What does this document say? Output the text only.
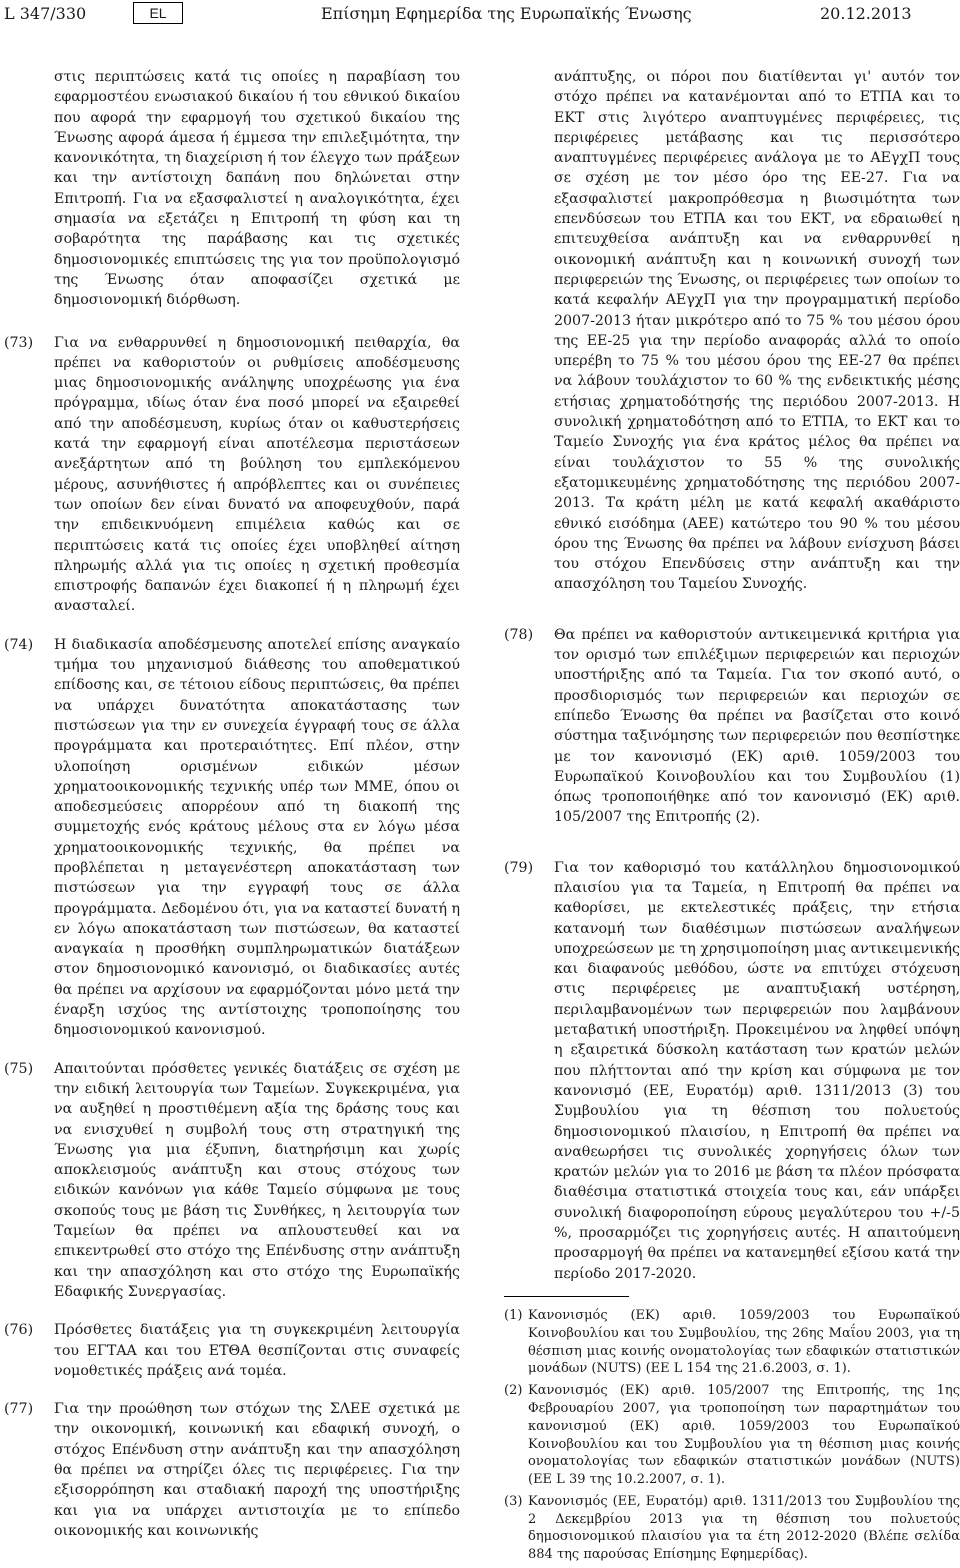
L 347/330	EL	Επίσημη Εφημερίδα της Ευρωπαϊκής Ένωσης	20.12.2013

στις περιπτώσεις κατά τις οποίες η παραβίαση του εφαρμοστέου ενωσιακού δικαίου ή του εθνικού δικαίου που αφορά την εφαρμογή του σχετικού δικαίου της Ένωσης αφορά άμεσα ή έμμεσα την επιλεξιμότητα, την κανονικότητα, τη διαχείριση ή τον έλεγχο των πράξεων και την αντίστοιχη δαπάνη που δηλώνεται στην Επιτροπή. Για να εξασφαλιστεί η αναλογικότητα, έχει σημασία να εξετάζει η Επιτροπή τη φύση και τη σοβαρότητα της παράβασης και τις σχετικές δημοσιονομικές επιπτώσεις της για τον προϋπολογισμό της Ένωσης όταν αποφασίζει σχετικά με δημοσιονομική διόρθωση.

(73) Για να ενθαρρυνθεί η δημοσιονομική πειθαρχία, θα πρέπει να καθοριστούν οι ρυθμίσεις αποδέσμευσης μιας δημοσιονομικής ανάληψης υποχρέωσης για ένα πρόγραμμα, ιδίως όταν ένα ποσό μπορεί να εξαιρεθεί από την αποδέσμευση, κυρίως όταν οι καθυστερήσεις κατά την εφαρμογή είναι αποτέλεσμα περιστάσεων ανεξάρτητων από τη βούληση του εμπλεκόμενου μέρους, ασυνήθιστες ή απρόβλεπτες και οι συνέπειες των οποίων δεν είναι δυνατό να αποφευχθούν, παρά την επιδεικνυόμενη επιμέλεια καθώς και σε περιπτώσεις κατά τις οποίες έχει υποβληθεί αίτηση πληρωμής αλλά για τις οποίες η σχετική προθεσμία επιστροφής δαπανών έχει διακοπεί ή η πληρωμή έχει ανασταλεί.
(74) Η διαδικασία αποδέσμευσης αποτελεί επίσης αναγκαίο τμήμα του μηχανισμού διάθεσης του αποθεματικού επίδοσης και, σε τέτοιου είδους περιπτώσεις, θα πρέπει να υπάρχει δυνατότητα αποκατάστασης των πιστώσεων για την εν συνεχεία έγγραφή τους σε άλλα προγράμματα και προτεραιότητες. Επί πλέον, στην υλοποίηση ορισμένων ειδικών μέσων χρηματοοικονομικής τεχνικής υπέρ των ΜΜΕ, όπου οι αποδεσμεύσεις απορρέουν από τη διακοπή της συμμετοχής ενός κράτους μέλους στα εν λόγω μέσα χρηματοοικονομικής τεχνικής, θα πρέπει να προβλέπεται η μεταγενέστερη αποκατάσταση των πιστώσεων για την εγγραφή τους σε άλλα προγράμματα. Δεδομένου ότι, για να καταστεί δυνατή η εν λόγω αποκατάσταση των πιστώσεων, θα καταστεί αναγκαία η προσθήκη συμπληρωματικών διατάξεων στον δημοσιονομικό κανονισμό, οι διαδικασίες αυτές θα πρέπει να αρχίσουν να εφαρμόζονται μόνο μετά την έναρξη ισχύος της αντίστοιχης τροποποίησης του δημοσιονομικού κανονισμού.
(75) Απαιτούνται πρόσθετες γενικές διατάξεις σε σχέση με την ειδική λειτουργία των Ταμείων. Συγκεκριμένα, για να αυξηθεί η προστιθέμενη αξία της δράσης τους και να ενισχυθεί η συμβολή τους στη στρατηγική της Ένωσης για μια έξυπνη, διατηρήσιμη και χωρίς αποκλεισμούς ανάπτυξη και στους στόχους των ειδικών κανόνων για κάθε Ταμείο σύμφωνα με τους σκοπούς τους με βάση τις Συνθήκες, η λειτουργία των Ταμείων θα πρέπει να απλουστευθεί και να επικεντρωθεί στο στόχο της Επένδυσης στην ανάπτυξη και την απασχόληση και στο στόχο της Ευρωπαϊκής Εδαφικής Συνεργασίας.
(76) Πρόσθετες διατάξεις για τη συγκεκριμένη λειτουργία του ΕΓΤΑΑ και του ΕΤΘΑ θεσπίζονται στις συναφείς νομοθετικές πράξεις ανά τομέα.
(77) Για την προώθηση των στόχων της ΣΛΕΕ σχετικά με την οικονομική, κοινωνική και εδαφική συνοχή, ο στόχος Επένδυση στην ανάπτυξη και την απασχόληση θα πρέπει να στηρίζει όλες τις περιφέρειες. Για την εξισορρόπηση και σταδιακή παροχή της υποστήριξης και για να υπάρχει αντιστοιχία με το επίπεδο οικονομικής και κοινωνικής

ανάπτυξης, οι πόροι που διατίθενται γι' αυτόν τον στόχο πρέπει να κατανέμονται από το ΕΤΠΑ και το ΕΚΤ στις λιγότερο αναπτυγμένες περιφέρειες, τις περιφέρειες μετάβασης και τις περισσότερο αναπτυγμένες περιφέρειες ανάλογα με το ΑΕγχΠ τους σε σχέση με τον μέσο όρο της ΕΕ-27. Για να εξασφαλιστεί μακροπρόθεσμα η βιωσιμότητα των επενδύσεων του ΕΤΠΑ και του ΕΚΤ, να εδραιωθεί η επιτευχθείσα ανάπτυξη και να ενθαρρυνθεί η οικονομική ανάπτυξη και η κοινωνική συνοχή των περιφερειών της Ένωσης, οι περιφέρειες των οποίων το κατά κεφαλήν ΑΕγχΠ για την προγραμματική περίοδο 2007-2013 ήταν μικρότερο από το 75 % του μέσου όρου της ΕΕ-25 για την περίοδο αναφοράς αλλά το οποίο υπερέβη το 75 % του μέσου όρου της ΕΕ-27 θα πρέπει να λάβουν τουλάχιστον το 60 % της ενδεικτικής μέσης ετήσιας χρηματοδότησής της περιόδου 2007-2013. Η συνολική χρηματοδότηση από το ΕΤΠΑ, το ΕΚΤ και το Ταμείο Συνοχής για ένα κράτος μέλος θα πρέπει να είναι τουλάχιστον το 55 % της συνολικής εξατομικευμένης χρηματοδότησης της περιόδου 2007-2013. Τα κράτη μέλη με κατά κεφαλή ακαθάριστο εθνικό εισόδημα (ΑΕΕ) κατώτερο του 90 % του μέσου όρου της Ένωσης θα πρέπει να λάβουν ενίσχυση βάσει του στόχου Επενδύσεις στην ανάπτυξη και την απασχόληση του Ταμείου Συνοχής.

(78) Θα πρέπει να καθοριστούν αντικειμενικά κριτήρια για τον ορισμό των επιλέξιμων περιφερειών και περιοχών υποστήριξης από τα Ταμεία. Για τον σκοπό αυτό, ο προσδιορισμός των περιφερειών και περιοχών σε επίπεδο Ένωσης θα πρέπει να βασίζεται στο κοινό σύστημα ταξινόμησης των περιφερειών που θεσπίστηκε με τον κανονισμό (ΕΚ) αριθ. 1059/2003 του Ευρωπαϊκού Κοινοβουλίου και του Συμβουλίου (1) όπως τροποποιήθηκε από τον κανονισμό (ΕΚ) αριθ. 105/2007 της Επιτροπής (2).
(79) Για τον καθορισμό του κατάλληλου δημοσιονομικού πλαισίου για τα Ταμεία, η Επιτροπή θα πρέπει να καθορίσει, με εκτελεστικές πράξεις, την ετήσια κατανομή των διαθέσιμων πιστώσεων αναλήψεων υποχρεώσεων με τη χρησιμοποίηση μιας αντικειμενικής και διαφανούς μεθόδου, ώστε να επιτύχει στόχευση στις περιφέρειες με αναπτυξιακή υστέρηση, περιλαμβανομένων των περιφερειών που λαμβάνουν μεταβατική υποστήριξη. Προκειμένου να ληφθεί υπόψη η εξαιρετικά δύσκολη κατάσταση των κρατών μελών που πλήττονται από την κρίση και σύμφωνα με τον κανονισμό (ΕΕ, Ευρατόμ) αριθ. 1311/2013 (3) του Συμβουλίου για τη θέσπιση του πολυετούς δημοσιονομικού πλαισίου, η Επιτροπή θα πρέπει να αναθεωρήσει τις συνολικές χορηγήσεις όλων των κρατών μελών για το 2016 με βάση τα πλέον πρόσφατα διαθέσιμα στατιστικά στοιχεία τους και, εάν υπάρξει συνολική διαφοροποίηση εύρους μεγαλύτερου του +/-5 %, προσαρμόζει τις χορηγήσεις αυτές. Η απαιτούμενη προσαρμογή θα πρέπει να κατανεμηθεί εξίσου κατά την περίοδο 2017-2020.
(1) Κανονισμός (ΕΚ) αριθ. 1059/2003 του Ευρωπαϊκού Κοινοβουλίου και του Συμβουλίου, της 26ης Μαΐου 2003, για τη θέσπιση μιας κοινής ονοματολογίας των εδαφικών στατιστικών μονάδων (NUTS) (ΕΕ L 154 της 21.6.2003, σ. 1).
(2) Κανονισμός (ΕΚ) αριθ. 105/2007 της Επιτροπής, της 1ης Φεβρουαρίου 2007, για τροποποίηση των παραρτημάτων του κανονισμού (ΕΚ) αριθ. 1059/2003 του Ευρωπαϊκού Κοινοβουλίου και του Συμβουλίου για τη θέσπιση μιας κοινής ονοματολογίας των εδαφικών στατιστικών μονάδων (NUTS) (ΕΕ L 39 της 10.2.2007, σ. 1).
(3) Κανονισμός (ΕΕ, Ευρατόμ) αριθ. 1311/2013 του Συμβουλίου της 2 Δεκεμβρίου 2013 για τη θέσπιση του πολυετούς δημοσιονομικού πλαισίου για τα έτη 2012-2020 (Βλέπε σελίδα 884 της παρούσας Επίσημης Εφημερίδας).
